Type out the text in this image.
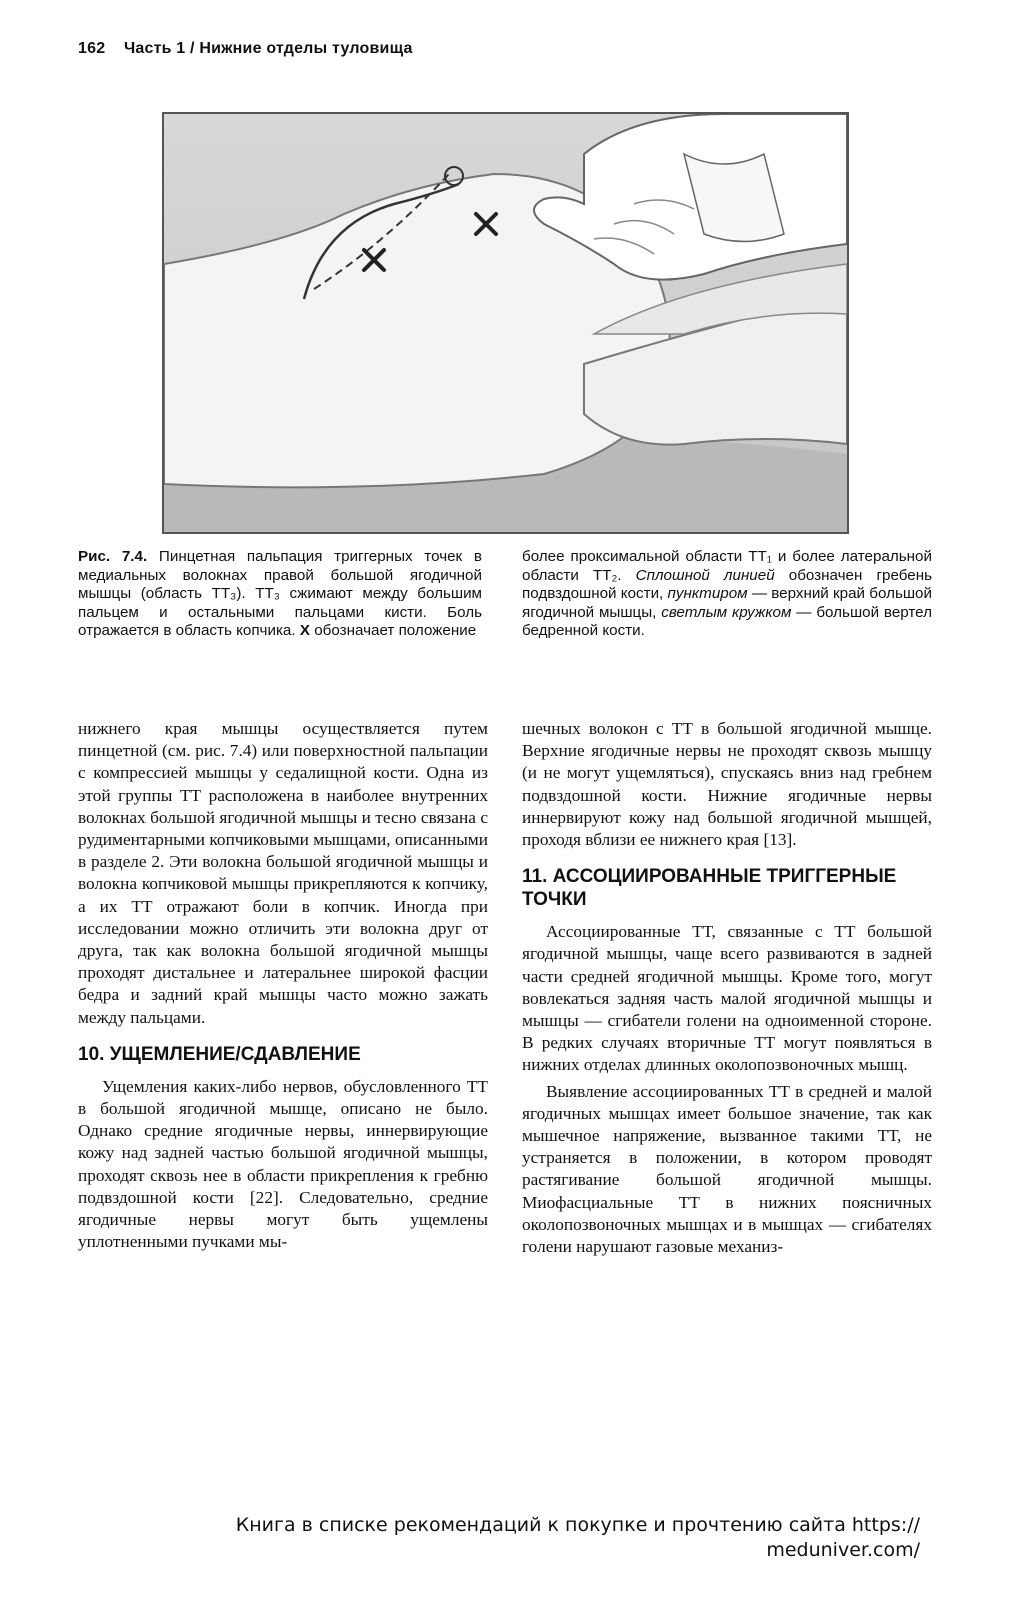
162 Часть 1 / Нижние отделы туловища
Рис. 7.4. Пинцетная пальпация триггерных точек в медиальных волокнах правой большой ягодичной мышцы (область ТТ₃). ТТ₃ сжимают между большим пальцем и остальными пальцами кисти. Боль отражается в область копчика. X обозначает положение
более проксимальной области ТТ₁ и более латеральной области ТТ₂. Сплошной линией обозначен гребень подвздошной кости, пунктиром — верхний край большой ягодичной мышцы, светлым кружком — большой вертел бедренной кости.

нижнего края мышцы осуществляется путем пинцетной (см. рис. 7.4) или поверхностной пальпации с компрессией мышцы у седалищной кости. Одна из этой группы ТТ расположена в наиболее внутренних волокнах большой ягодичной мышцы и тесно связана с рудиментарными копчиковыми мышцами, описанными в разделе 2. Эти волокна большой ягодичной мышцы и волокна копчиковой мышцы прикрепляются к копчику, а их ТТ отражают боли в копчик. Иногда при исследовании можно отличить эти волокна друг от друга, так как волокна большой ягодичной мышцы проходят дистальнее и латеральнее широкой фасции бедра и задний край мышцы часто можно зажать между пальцами.

10. УЩЕМЛЕНИЕ/СДАВЛЕНИЕ

Ущемления каких-либо нервов, обусловленного ТТ в большой ягодичной мышце, описано не было. Однако средние ягодичные нервы, иннервирующие кожу над задней частью большой ягодичной мышцы, проходят сквозь нее в области прикрепления к гребню подвздошной кости [22]. Следовательно, средние ягодичные нервы могут быть ущемлены уплотненными пучками мы-

шечных волокон с ТТ в большой ягодичной мышце. Верхние ягодичные нервы не проходят сквозь мышцу (и не могут ущемляться), спускаясь вниз над гребнем подвздошной кости. Нижние ягодичные нервы иннервируют кожу над большой ягодичной мышцей, проходя вблизи ее нижнего края [13].

11. АССОЦИИРОВАННЫЕ ТРИГГЕРНЫЕ ТОЧКИ

Ассоциированные ТТ, связанные с ТТ большой ягодичной мышцы, чаще всего развиваются в задней части средней ягодичной мышцы. Кроме того, могут вовлекаться задняя часть малой ягодичной мышцы и мышцы — сгибатели голени на одноименной стороне. В редких случаях вторичные ТТ могут появляться в нижних отделах длинных околопозвоночных мышц.

Выявление ассоциированных ТТ в средней и малой ягодичных мышцах имеет большое значение, так как мышечное напряжение, вызванное такими ТТ, не устраняется в положении, в котором проводят растягивание большой ягодичной мышцы. Миофасциальные ТТ в нижних поясничных околопозвоночных мышцах и в мышцах — сгибателях голени нарушают газовые механиз-

Книга в списке рекомендаций к покупке и прочтению сайта https://
meduniver.com/
